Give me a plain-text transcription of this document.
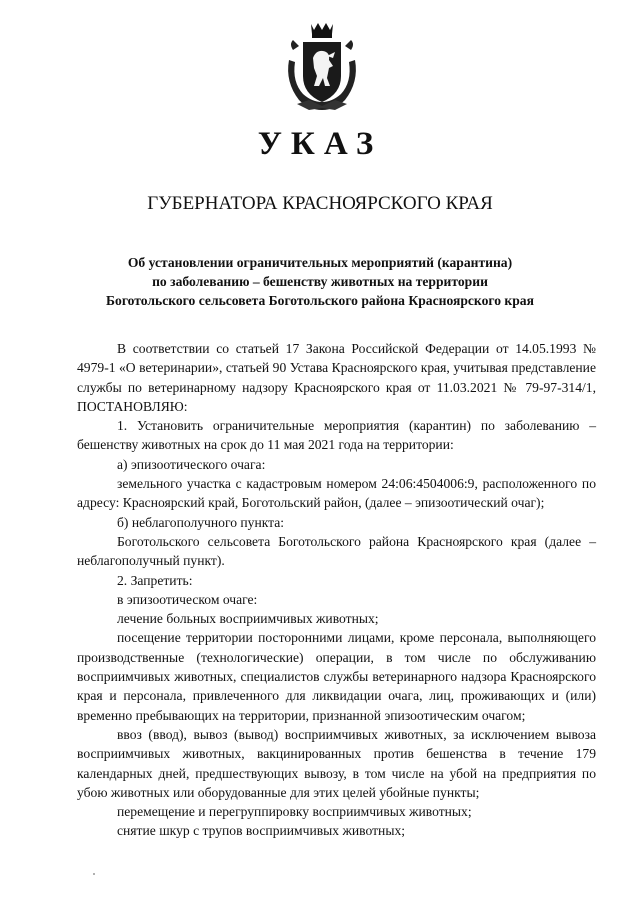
УКАЗ
ГУБЕРНАТОРА КРАСНОЯРСКОГО КРАЯ
Об установлении ограничительных мероприятий (карантина)
по заболеванию – бешенству животных на территории
Боготольского сельсовета Боготольского района Красноярского края

В соответствии со статьей 17 Закона Российской Федерации от 14.05.1993 № 4979-1 «О ветеринарии», статьей 90 Устава Красноярского края, учитывая представление службы по ветеринарному надзору Красноярского края от 11.03.2021 № 79-97-314/1, ПОСТАНОВЛЯЮ:

1. Установить ограничительные мероприятия (карантин) по заболеванию – бешенству животных на срок до 11 мая 2021 года на территории:

а) эпизоотического очага:

земельного участка с кадастровым номером 24:06:4504006:9, расположенного по адресу: Красноярский край, Боготольский район, (далее – эпизоотический очаг);

б) неблагополучного пункта:

Боготольского сельсовета Боготольского района Красноярского края (далее – неблагополучный пункт).

2. Запретить:

в эпизоотическом очаге:

лечение больных восприимчивых животных;

посещение территории посторонними лицами, кроме персонала, выполняющего производственные (технологические) операции, в том числе по обслуживанию восприимчивых животных, специалистов службы ветеринарного надзора Красноярского края и персонала, привлеченного для ликвидации очага, лиц, проживающих и (или) временно пребывающих на территории, признанной эпизоотическим очагом;

ввоз (ввод), вывоз (вывод) восприимчивых животных, за исключением вывоза восприимчивых животных, вакцинированных против бешенства в течение 179 календарных дней, предшествующих вывозу, в том числе на убой на предприятия по убою животных или оборудованные для этих целей убойные пункты;

перемещение и перегруппировку восприимчивых животных;

снятие шкур с трупов восприимчивых животных;
